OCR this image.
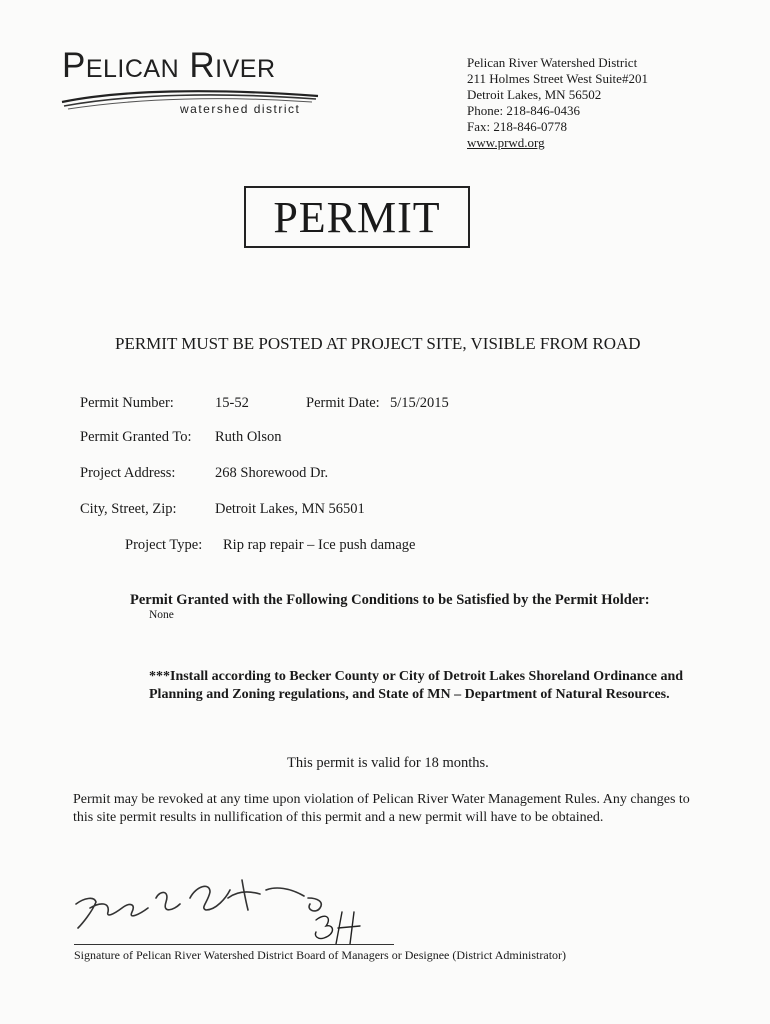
Pelican River
watershed district
Pelican River Watershed District
211 Holmes Street West Suite#201
Detroit Lakes, MN 56502
Phone: 218-846-0436
Fax: 218-846-0778
www.prwd.org
PERMIT
PERMIT MUST BE POSTED AT PROJECT SITE, VISIBLE FROM ROAD
Permit Number:	15-52	Permit Date: 5/15/2015
Permit Granted To: Ruth Olson
Project Address:	268 Shorewood Dr.
City, Street, Zip:	Detroit Lakes, MN 56501
Project Type: Rip rap repair – Ice push damage
Permit Granted with the Following Conditions to be Satisfied by the Permit Holder:
None
***Install according to Becker County or City of Detroit Lakes Shoreland Ordinance and Planning and Zoning regulations, and State of MN – Department of Natural Resources.
This permit is valid for 18 months.
Permit may be revoked at any time upon violation of Pelican River Water Management Rules. Any changes to this site permit results in nullification of this permit and a new permit will have to be obtained.
Signature of Pelican River Watershed District Board of Managers or Designee (District Administrator)
